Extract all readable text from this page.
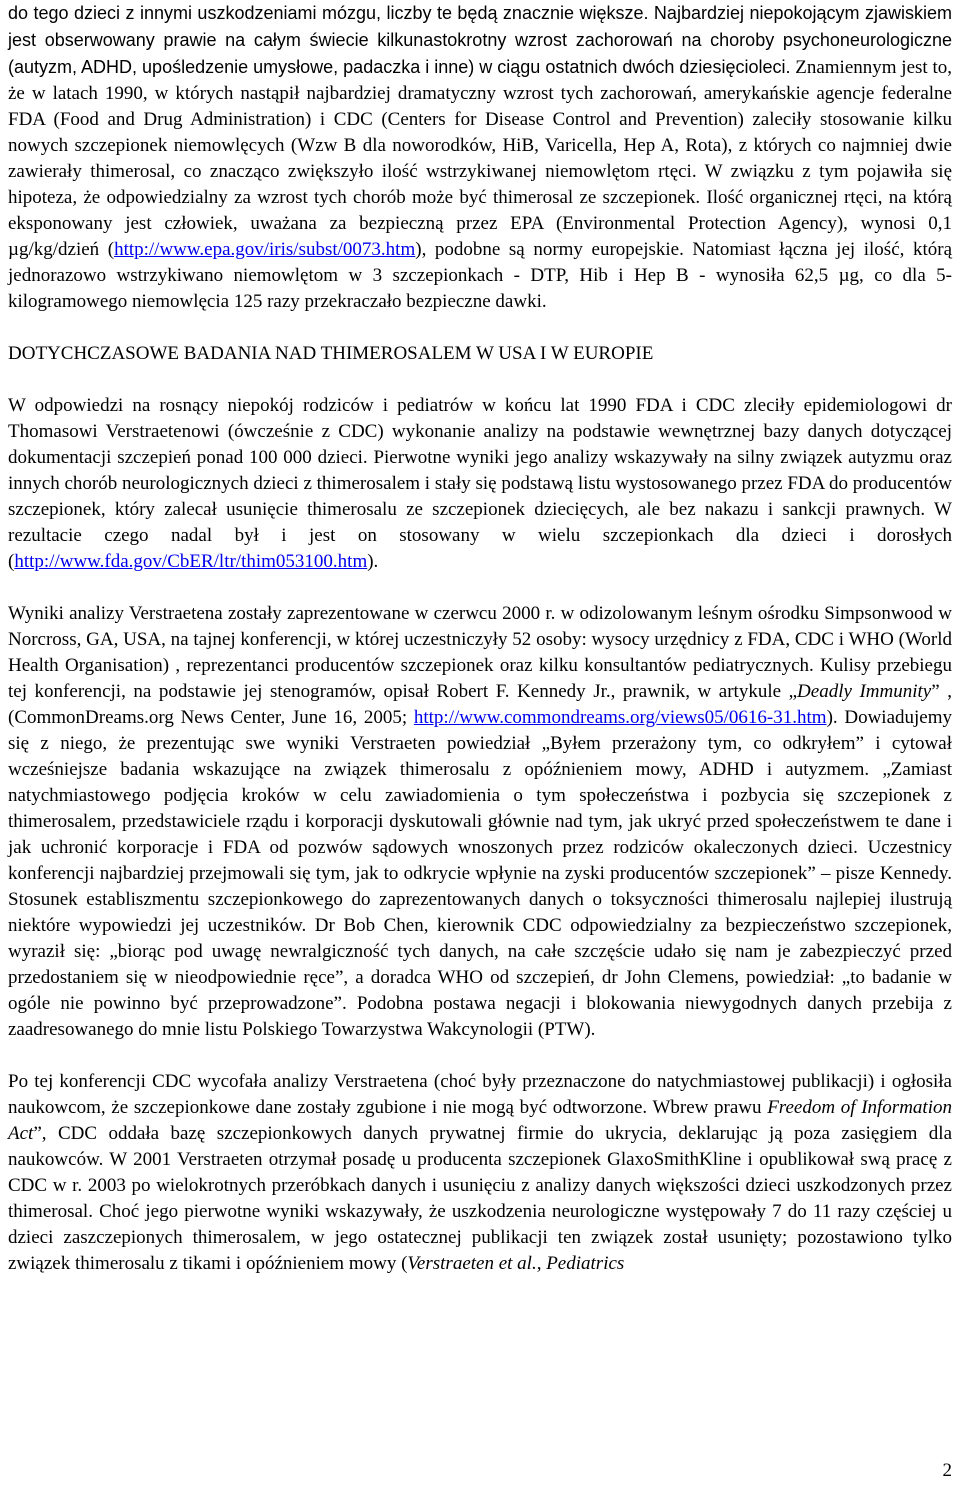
do tego dzieci z innymi uszkodzeniami mózgu, liczby te będą znacznie większe. Najbardziej niepokojącym zjawiskiem jest obserwowany prawie na całym świecie kilkunastokrotny wzrost zachorowań na choroby psychoneurologiczne (autyzm, ADHD, upośledzenie umysłowe, padaczka i inne) w ciągu ostatnich dwóch dziesięcioleci. Znamiennym jest to, że w latach 1990, w których nastąpił najbardziej dramatyczny wzrost tych zachorowań, amerykańskie agencje federalne FDA (Food and Drug Administration) i CDC (Centers for Disease Control and Prevention) zaleciły stosowanie kilku nowych szczepionek niemowlęcych (Wzw B dla noworodków, HiB, Varicella, Hep A, Rota), z których co najmniej dwie zawierały thimerosal, co znacząco zwiększyło ilość wstrzykiwanej niemowlętom rtęci. W związku z tym pojawiła się hipoteza, że odpowiedzialny za wzrost tych chorób może być thimerosal ze szczepionek. Ilość organicznej rtęci, na którą eksponowany jest człowiek, uważana za bezpieczną przez EPA (Environmental Protection Agency), wynosi 0,1 µg/kg/dzień (http://www.epa.gov/iris/subst/0073.htm), podobne są normy europejskie. Natomiast łączna jej ilość, którą jednorazowo wstrzykiwano niemowlętom w 3 szczepionkach - DTP, Hib i Hep B - wynosiła 62,5 µg, co dla 5-kilogramowego niemowlęcia 125 razy przekraczało bezpieczne dawki.

DOTYCHCZASOWE BADANIA NAD THIMEROSALEM W USA I W EUROPIE

W odpowiedzi na rosnący niepokój rodziców i pediatrów w końcu lat 1990 FDA i CDC zleciły epidemiologowi dr Thomasowi Verstraetenowi (ówcześnie z CDC) wykonanie analizy na podstawie wewnętrznej bazy danych dotyczącej dokumentacji szczepień ponad 100 000 dzieci. Pierwotne wyniki jego analizy wskazywały na silny związek autyzmu oraz innych chorób neurologicznych dzieci z thimerosalem i stały się podstawą listu wystosowanego przez FDA do producentów szczepionek, który zalecał usunięcie thimerosalu ze szczepionek dziecięcych, ale bez nakazu i sankcji prawnych. W rezultacie czego nadal był i jest on stosowany w wielu szczepionkach dla dzieci i dorosłych (http://www.fda.gov/CbER/ltr/thim053100.htm).

Wyniki analizy Verstraetena zostały zaprezentowane w czerwcu 2000 r. w odizolowanym leśnym ośrodku Simpsonwood w Norcross, GA, USA, na tajnej konferencji, w której uczestniczyły 52 osoby: wysocy urzędnicy z FDA, CDC i WHO (World Health Organisation) , reprezentanci producentów szczepionek oraz kilku konsultantów pediatrycznych. Kulisy przebiegu tej konferencji, na podstawie jej stenogramów, opisał Robert F. Kennedy Jr., prawnik, w artykule „Deadly Immunity” , (CommonDreams.org News Center, June 16, 2005; http://www.commondreams.org/views05/0616-31.htm). Dowiadujemy się z niego, że prezentując swe wyniki Verstraeten powiedział „Byłem przerażony tym, co odkryłem” i cytował wcześniejsze badania wskazujące na związek thimerosalu z opóźnieniem mowy, ADHD i autyzmem. „Zamiast natychmiastowego podjęcia kroków w celu zawiadomienia o tym społeczeństwa i pozbycia się szczepionek z thimerosalem, przedstawiciele rządu i korporacji dyskutowali głównie nad tym, jak ukryć przed społeczeństwem te dane i jak uchronić korporacje i FDA od pozwów sądowych wnoszonych przez rodziców okaleczonych dzieci. Uczestnicy konferencji najbardziej przejmowali się tym, jak to odkrycie wpłynie na zyski producentów szczepionek” – pisze Kennedy. Stosunek establiszmentu szczepionkowego do zaprezentowanych danych o toksyczności thimerosalu najlepiej ilustrują niektóre wypowiedzi jej uczestników. Dr Bob Chen, kierownik CDC odpowiedzialny za bezpieczeństwo szczepionek, wyraził się: „biorąc pod uwagę newralgiczność tych danych, na całe szczęście udało się nam je zabezpieczyć przed przedostaniem się w nieodpowiednie ręce”, a doradca WHO od szczepień, dr John Clemens, powiedział: „to badanie w ogóle nie powinno być przeprowadzone”. Podobna postawa negacji i blokowania niewygodnych danych przebija z zaadresowanego do mnie listu Polskiego Towarzystwa Wakcynologii (PTW).

Po tej konferencji CDC wycofała analizy Verstraetena (choć były przeznaczone do natychmiastowej publikacji) i ogłosiła naukowcom, że szczepionkowe dane zostały zgubione i nie mogą być odtworzone. Wbrew prawu Freedom of Information Act”, CDC oddała bazę szczepionkowych danych prywatnej firmie do ukrycia, deklarując ją poza zasięgiem dla naukowców. W 2001 Verstraeten otrzymał posadę u producenta szczepionek GlaxoSmithKline i opublikował swą pracę z CDC w r. 2003 po wielokrotnych przeróbkach danych i usunięciu z analizy danych większości dzieci uszkodzonych przez thimerosal. Choć jego pierwotne wyniki wskazywały, że uszkodzenia neurologiczne występowały 7 do 11 razy częściej u dzieci zaszczepionych thimerosalem, w jego ostatecznej publikacji ten związek został usunięty; pozostawiono tylko związek thimerosalu z tikami i opóźnieniem mowy (Verstraeten et al., Pediatrics

2
